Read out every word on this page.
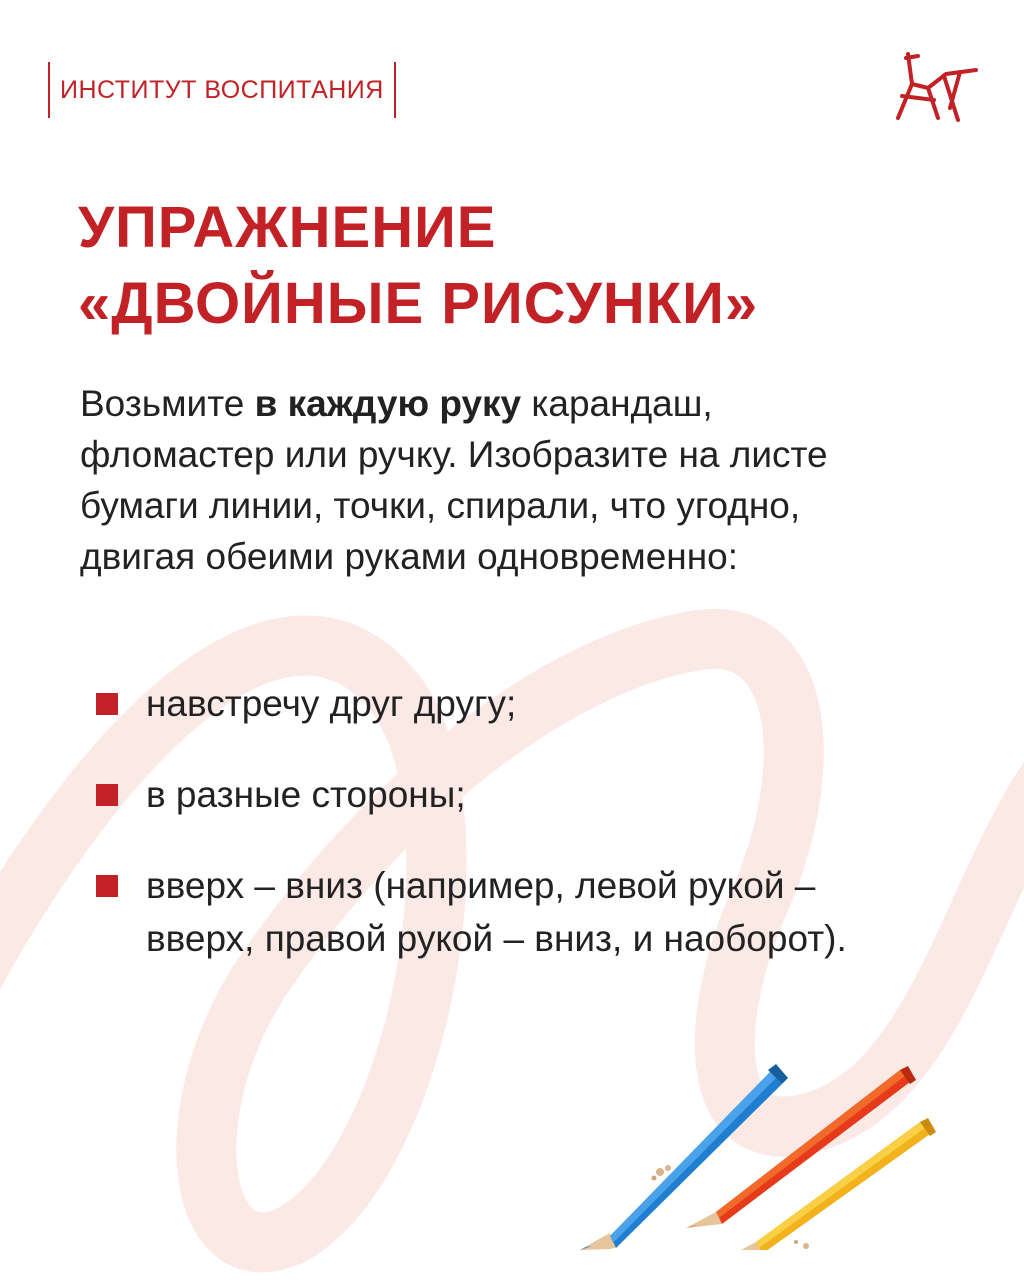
ИНСТИТУТ ВОСПИТАНИЯ
УПРАЖНЕНИЕ
«ДВОЙНЫЕ РИСУНКИ»

Возьмите в каждую руку карандаш, фломастер или ручку. Изобразите на листе бумаги линии, точки, спирали, что угодно, двигая обеими руками одновременно:

навстречу друг другу;
в разные стороны;
вверх – вниз (например, левой рукой – вверх, правой рукой – вниз, и наоборот).
